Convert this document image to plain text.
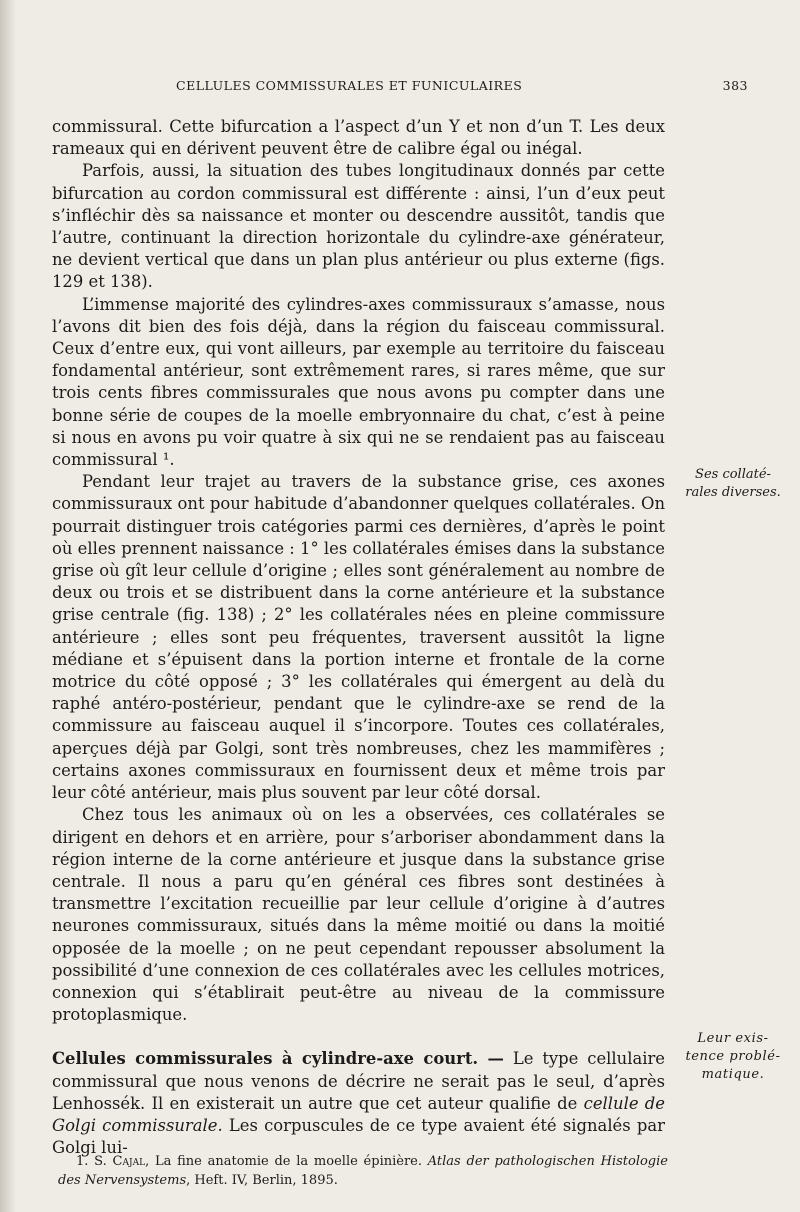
CELLULES COMMISSURALES ET FUNICULAIRES	383

commissural. Cette bifurcation a l’aspect d’un Y et non d’un T. Les deux rameaux qui en dérivent peuvent être de calibre égal ou inégal.

Parfois, aussi, la situation des tubes longitudinaux donnés par cette bifurcation au cordon commissural est différente : ainsi, l’un d’eux peut s’infléchir dès sa naissance et monter ou descendre aussitôt, tandis que l’autre, continuant la direction horizontale du cylindre-axe générateur, ne devient vertical que dans un plan plus antérieur ou plus externe (figs. 129 et 138).

L’immense majorité des cylindres-axes commissuraux s’amasse, nous l’avons dit bien des fois déjà, dans la région du faisceau commissural. Ceux d’entre eux, qui vont ailleurs, par exemple au territoire du faisceau fondamental antérieur, sont extrêmement rares, si rares même, que sur trois cents fibres commissurales que nous avons pu compter dans une bonne série de coupes de la moelle embryonnaire du chat, c’est à peine si nous en avons pu voir quatre à six qui ne se rendaient pas au faisceau commissural ¹.

Pendant leur trajet au travers de la substance grise, ces axones commissuraux ont pour habitude d’abandonner quelques collatérales. On pourrait distinguer trois catégories parmi ces dernières, d’après le point où elles prennent naissance : 1° les collatérales émises dans la substance grise où gît leur cellule d’origine ; elles sont généralement au nombre de deux ou trois et se distribuent dans la corne antérieure et la substance grise centrale (fig. 138) ; 2° les collatérales nées en pleine commissure antérieure ; elles sont peu fréquentes, traversent aussitôt la ligne médiane et s’épuisent dans la portion interne et frontale de la corne motrice du côté opposé ; 3° les collatérales qui émergent au delà du raphé antéro-postérieur, pendant que le cylindre-axe se rend de la commissure au faisceau auquel il s’incorpore. Toutes ces collatérales, aperçues déjà par Golgi, sont très nombreuses, chez les mammifères ; certains axones commissuraux en fournissent deux et même trois par leur côté antérieur, mais plus souvent par leur côté dorsal.

Chez tous les animaux où on les a observées, ces collatérales se dirigent en dehors et en arrière, pour s’arboriser abondamment dans la région interne de la corne antérieure et jusque dans la substance grise centrale. Il nous a paru qu’en général ces fibres sont destinées à transmettre l’excitation recueillie par leur cellule d’origine à d’autres neurones commissuraux, situés dans la même moitié ou dans la moitié opposée de la moelle ; on ne peut cependant repousser absolument la possibilité d’une connexion de ces collatérales avec les cellules motrices, connexion qui s’établirait peut-être au niveau de la commissure protoplasmique.

Cellules commissurales à cylindre-axe court. — Le type cellulaire commissural que nous venons de décrire ne serait pas le seul, d’après Lenhossék. Il en existerait un autre que cet auteur qualifie de cellule de Golgi commissurale. Les corpuscules de ce type avaient été signalés par Golgi lui-

Ses collaté-
rales diverses.
Leur exis-
tence problé-
matique.
1. S. Cajal, La fine anatomie de la moelle épinière. Atlas der pathologischen Histologie des Nervensystems, Heft. IV, Berlin, 1895.
